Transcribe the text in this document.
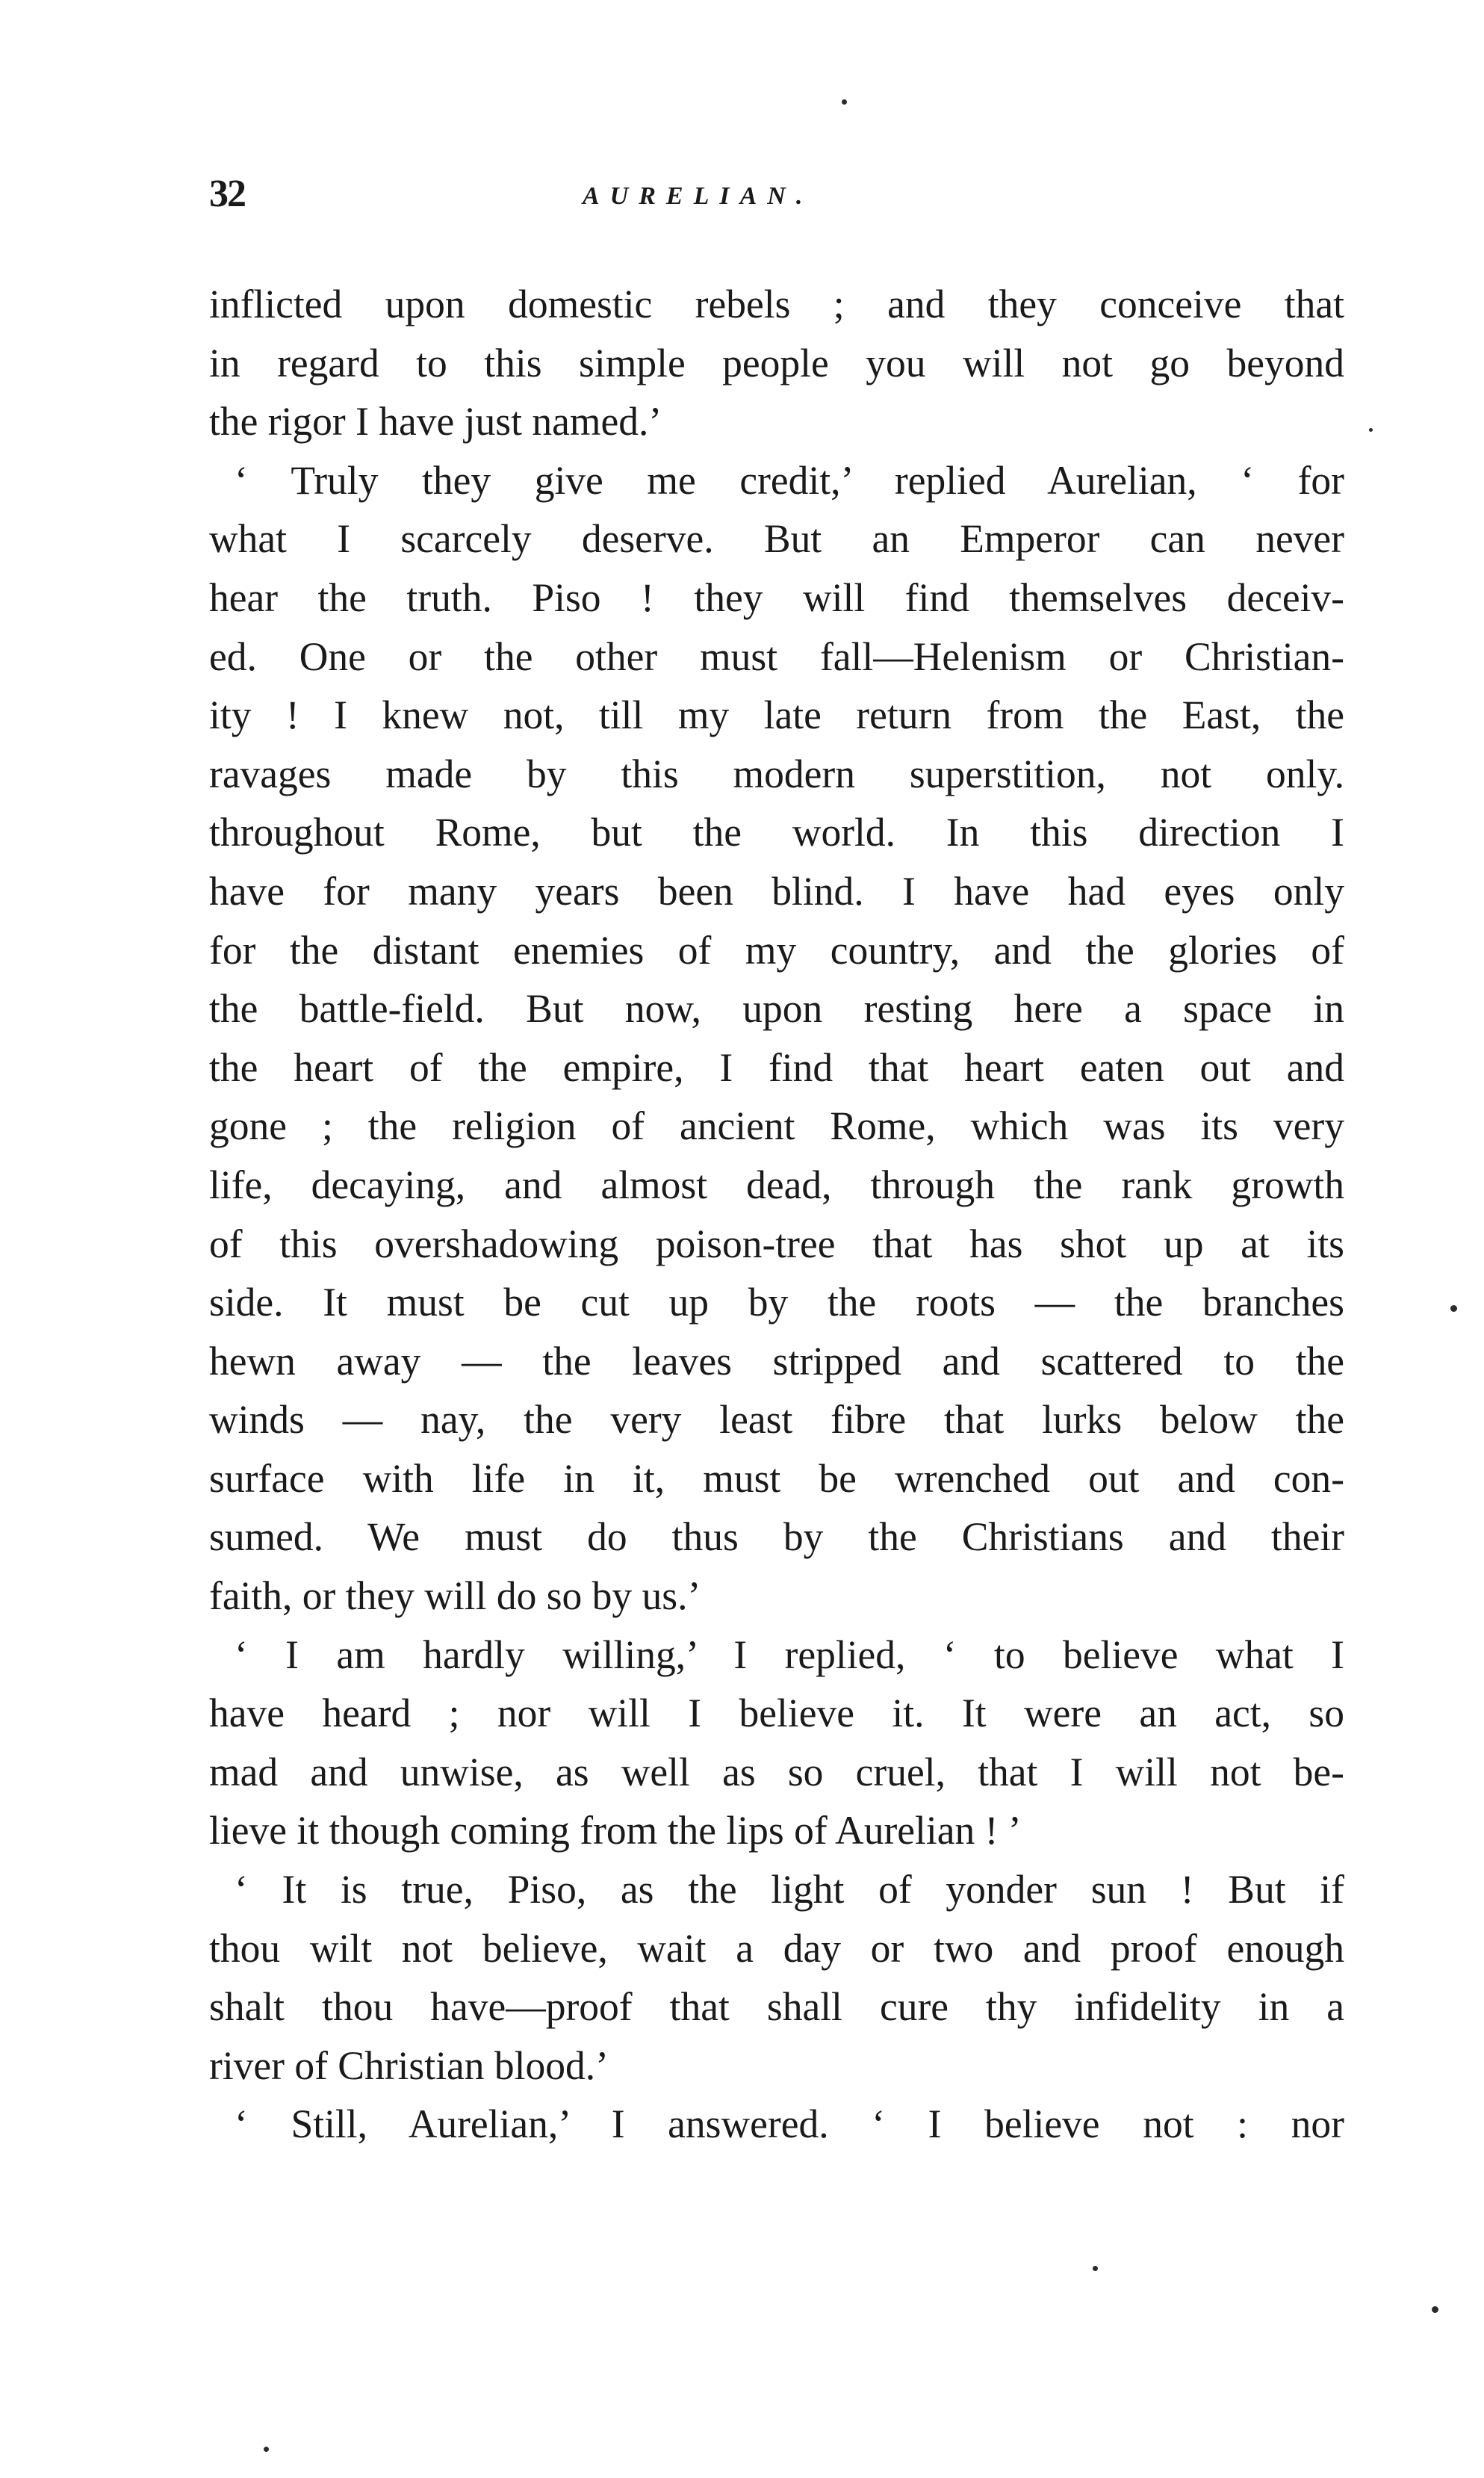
32	AURELIAN.
inflicted upon domestic rebels ; and they conceive that
in regard to this simple people you will not go beyond
the rigor I have just named.’
‘ Truly they give me credit,’ replied Aurelian, ‘ for
what I scarcely deserve. But an Emperor can never
hear the truth. Piso ! they will find themselves deceiv-
ed. One or the other must fall—Helenism or Christian-
ity ! I knew not, till my late return from the East, the
ravages made by this modern superstition, not only.
throughout Rome, but the world. In this direction I
have for many years been blind. I have had eyes only
for the distant enemies of my country, and the glories of
the battle-field. But now, upon resting here a space in
the heart of the empire, I find that heart eaten out and
gone ; the religion of ancient Rome, which was its very
life, decaying, and almost dead, through the rank growth
of this overshadowing poison-tree that has shot up at its
side. It must be cut up by the roots — the branches
hewn away — the leaves stripped and scattered to the
winds — nay, the very least fibre that lurks below the
surface with life in it, must be wrenched out and con-
sumed. We must do thus by the Christians and their
faith, or they will do so by us.’
‘ I am hardly willing,’ I replied, ‘ to believe what I
have heard ; nor will I believe it. It were an act, so
mad and unwise, as well as so cruel, that I will not be-
lieve it though coming from the lips of Aurelian ! ’
‘ It is true, Piso, as the light of yonder sun ! But if
thou wilt not believe, wait a day or two and proof enough
shalt thou have—proof that shall cure thy infidelity in a
river of Christian blood.’
‘ Still, Aurelian,’ I answered. ‘ I believe not : nor
